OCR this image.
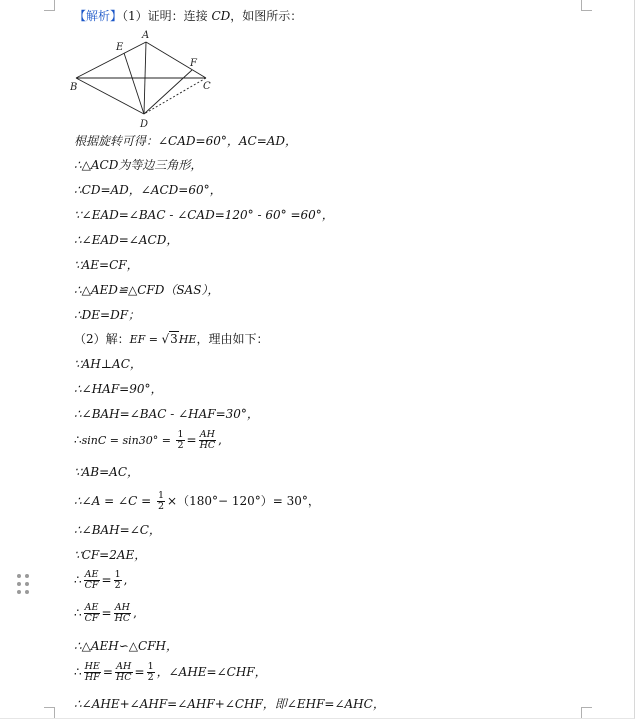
【解析】（1）证明：连接 CD，如图所示：
A
B	C
D
E
F
根据旋转可得：∠CAD=60°，AC=AD，
∴△ACD为等边三角形，
∴CD=AD，∠ACD=60°，
∵∠EAD=∠BAC - ∠CAD=120° - 60° =60°，
∴∠EAD=∠ACD，
∵AE=CF，
∴△AED≌△CFD（SAS），
∴DE=DF；
（2）解：EF = √3HE，理由如下：
∵AH⊥AC，
∴∠HAF=90°，
∴∠BAH=∠BAC - ∠HAF=30°，
∴sinC = $\sin 30^\circ = \frac{1}{2} = \frac{AH}{HC}$ ,
∵AB=AC，
∴∠A = ∠C = $\frac{1}{2} \times(180^\circ- 120^\circ)= 30^\circ$，
∴∠BAH=∠C，
∵CF=2AE，
∴ $\frac{AE}{CF} = \frac{1}{2}$ ,
∴ $\frac{AE}{CF} = \frac{AH}{HC}$ ,
∴△AEH∽△CFH，
∴ $\frac{HE}{HF} = \frac{AH}{HC} = \frac{1}{2}$ ，∠AHE=∠CHF，
∴∠AHE+∠AHF=∠AHF+∠CHF，即∠EHF=∠AHC，
